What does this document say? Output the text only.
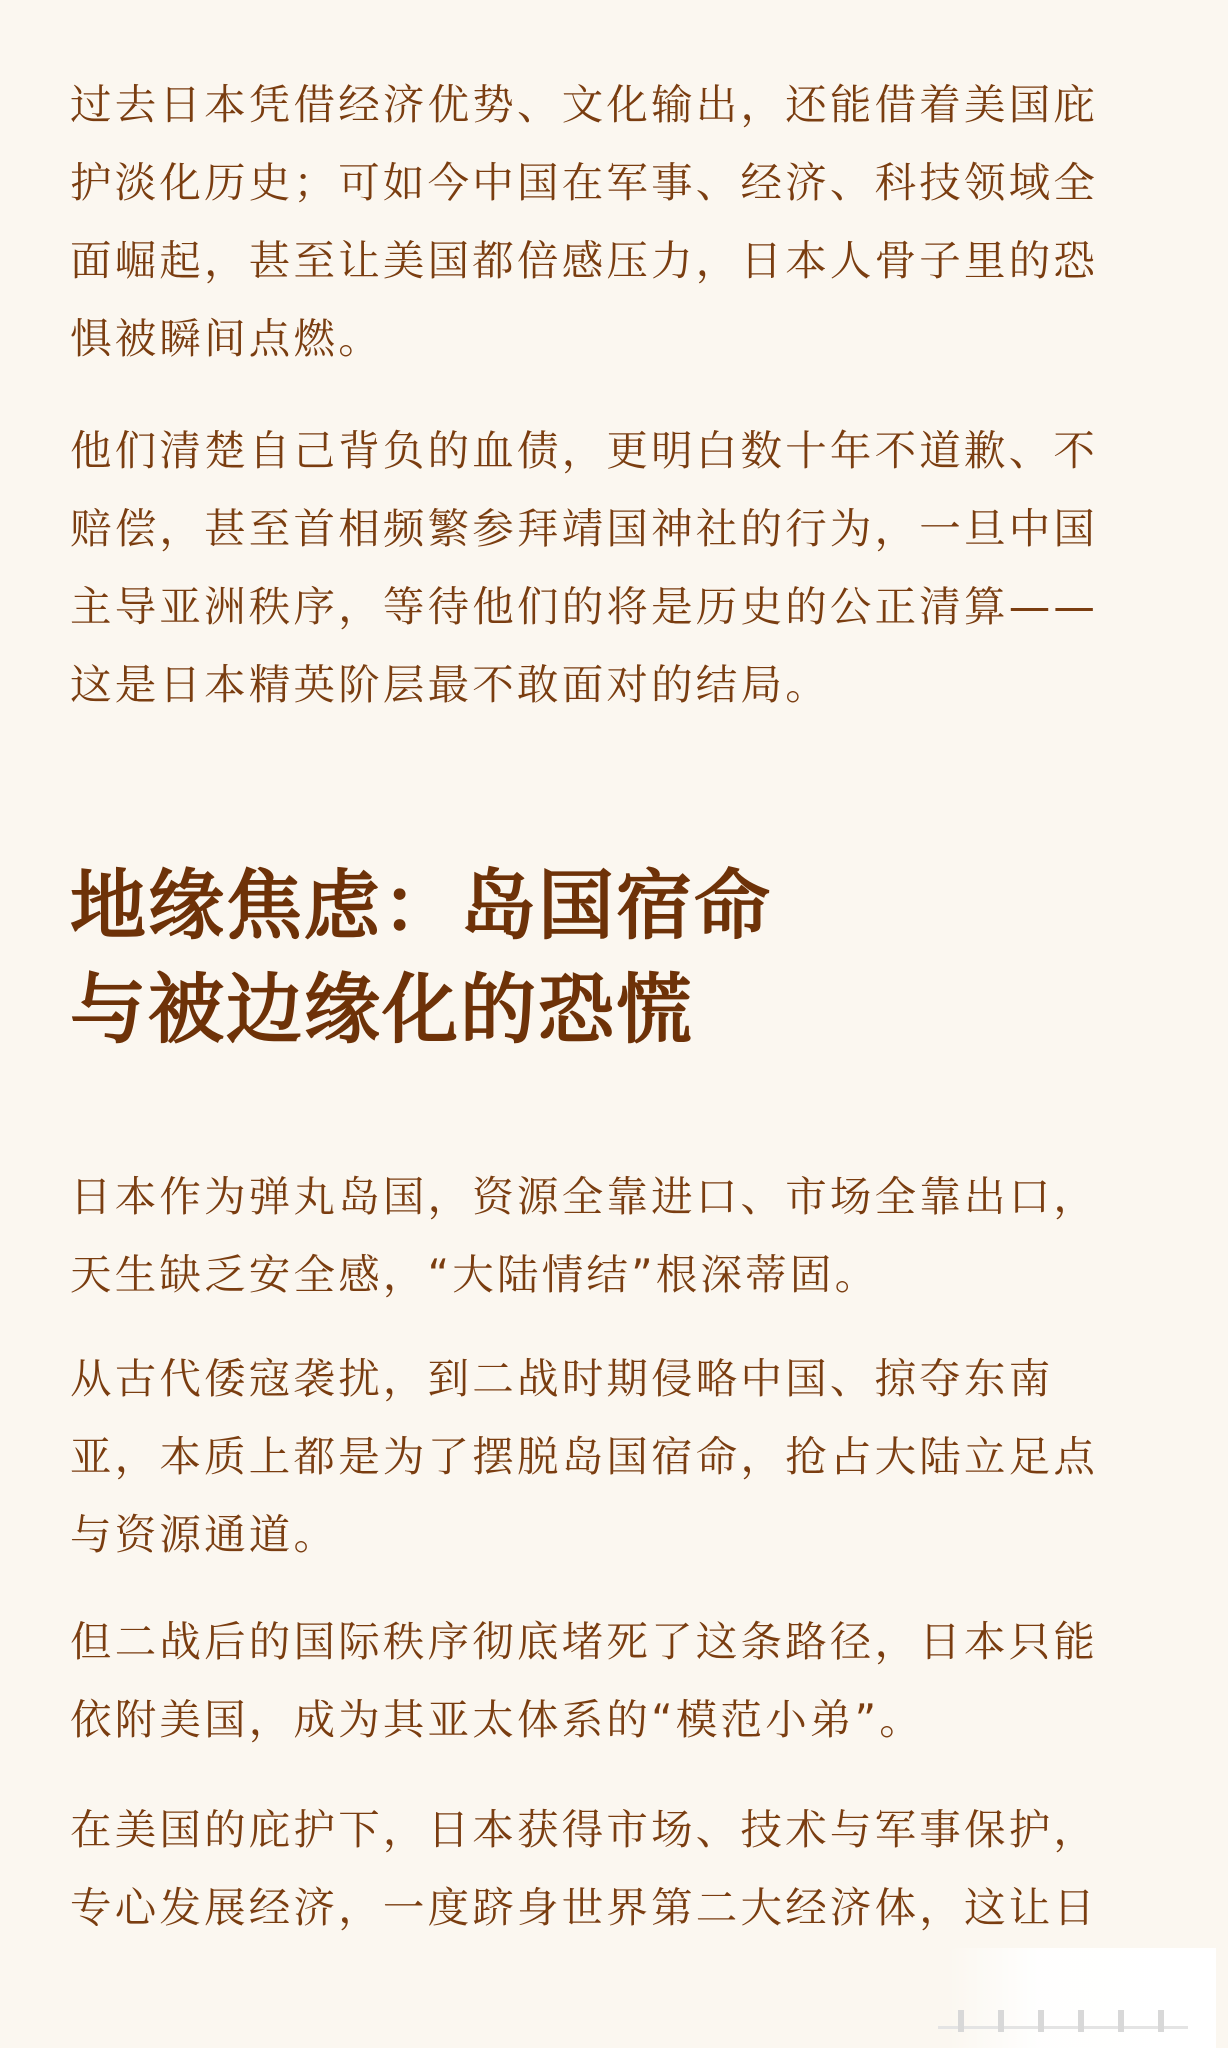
过去日本凭借经济优势、文化输出，还能借着美国庇
护淡化历史；可如今中国在军事、经济、科技领域全
面崛起，甚至让美国都倍感压力，日本人骨子里的恐
惧被瞬间点燃。

他们清楚自己背负的血债，更明白数十年不道歉、不
赔偿，甚至首相频繁参拜靖国神社的行为，一旦中国
主导亚洲秩序，等待他们的将是历史的公正清算——
这是日本精英阶层最不敢面对的结局。

地缘焦虑：岛国宿命
与被边缘化的恐慌

日本作为弹丸岛国，资源全靠进口、市场全靠出口，
天生缺乏安全感，“大陆情结”根深蒂固。

从古代倭寇袭扰，到二战时期侵略中国、掠夺东南
亚，本质上都是为了摆脱岛国宿命，抢占大陆立足点
与资源通道。

但二战后的国际秩序彻底堵死了这条路径，日本只能
依附美国，成为其亚太体系的“模范小弟”。

在美国的庇护下，日本获得市场、技术与军事保护，
专心发展经济，一度跻身世界第二大经济体，这让日
